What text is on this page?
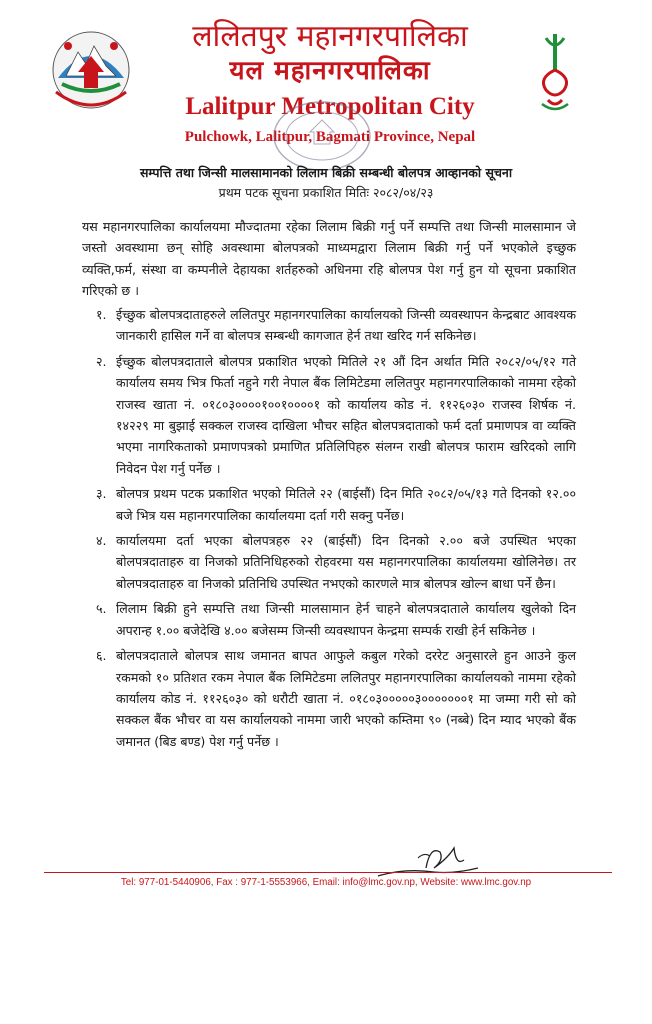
ललितपुर महानगरपालिका
यल महानगरपालिका
Lalitpur Metropolitan City
Pulchowk, Lalitpur, Bagmati Province, Nepal
सम्पत्ति तथा जिन्सी मालसामानको लिलाम बिक्री सम्बन्धी बोलपत्र आव्हानको सूचना
प्रथम पटक सूचना प्रकाशित मितिः २०८२/०४/२३
यस महानगरपालिका कार्यालयमा मौज्दातमा रहेका लिलाम बिक्री गर्नु पर्ने सम्पत्ति तथा जिन्सी मालसामान जे जस्तो अवस्थामा छन् सोहि अवस्थामा बोलपत्रको माध्यमद्वारा लिलाम बिक्री गर्नु पर्ने भएकोले इच्छुक व्यक्ति,फर्म, संस्था वा कम्पनीले देहायका शर्तहरुको अधिनमा रहि बोलपत्र पेश गर्नु हुन यो सूचना प्रकाशित गरिएको छ ।
१. ईच्छुक बोलपत्रदाताहरुले ललितपुर महानगरपालिका कार्यालयको जिन्सी व्यवस्थापन केन्द्रबाट आवश्यक जानकारी हासिल गर्ने वा बोलपत्र सम्बन्धी कागजात हेर्न तथा खरिद गर्न सकिनेछ।
२. ईच्छुक बोलपत्रदाताले बोलपत्र प्रकाशित भएको मितिले २१ औं दिन अर्थात मिति २०८२/०५/१२ गते कार्यालय समय भित्र फिर्ता नहुने गरी नेपाल बैंक लिमिटेडमा ललितपुर महानगरपालिकाको नाममा रहेको राजस्व खाता नं. ०१८०३००००१००१००००१ को कार्यालय कोड नं. ११२६०३० राजस्व शिर्षक नं. १४२२९ मा बुझाई सक्कल राजस्व दाखिला भौचर सहित बोलपत्रदाताको फर्म दर्ता प्रमाणपत्र वा व्यक्ति भएमा नागरिकताको प्रमाणपत्रको प्रमाणित प्रतिलिपिहरु संलग्न राखी बोलपत्र फाराम खरिदको लागि निवेदन पेश गर्नु पर्नेछ ।
३. बोलपत्र प्रथम पटक प्रकाशित भएको मितिले २२ (बाईसौं) दिन मिति २०८२/०५/१३ गते दिनको १२.०० बजे भित्र यस महानगरपालिका कार्यालयमा दर्ता गरी सक्नु पर्नेछ।
४. कार्यालयमा दर्ता भएका बोलपत्रहरु २२ (बाईसौं) दिन दिनको २.०० बजे उपस्थित भएका बोलपत्रदाताहरु वा निजको प्रतिनिधिहरुको रोहवरमा यस महानगरपालिका कार्यालयमा खोलिनेछ। तर बोलपत्रदाताहरु वा निजको प्रतिनिधि उपस्थित नभएको कारणले मात्र बोलपत्र खोल्न बाधा पर्ने छैन।
५. लिलाम बिक्री हुने सम्पत्ति तथा जिन्सी मालसामान हेर्न चाहने बोलपत्रदाताले कार्यालय खुलेको दिन अपरान्ह १.०० बजेदेखि ४.०० बजेसम्म जिन्सी व्यवस्थापन केन्द्रमा सम्पर्क राखी हेर्न सकिनेछ ।
६. बोलपत्रदाताले बोलपत्र साथ जमानत बापत आफुले कबुल गरेको दररेट अनुसारले हुन आउने कुल रकमको १० प्रतिशत रकम नेपाल बैंक लिमिटेडमा ललितपुर महानगरपालिका कार्यालयको नाममा रहेको कार्यालय कोड नं. ११२६०३० को धरौटी खाता नं. ०१८०३०००००३०००००००१ मा जम्मा गरी सो को सक्कल बैंक भौचर वा यस कार्यालयको नाममा जारी भएको कम्तिमा ९० (नब्बे) दिन म्याद भएको बैंक जमानत (बिड बण्ड) पेश गर्नु पर्नेछ ।
Tel: 977-01-5440906, Fax : 977-1-5553966, Email: info@lmc.gov.np, Website: www.lmc.gov.np
